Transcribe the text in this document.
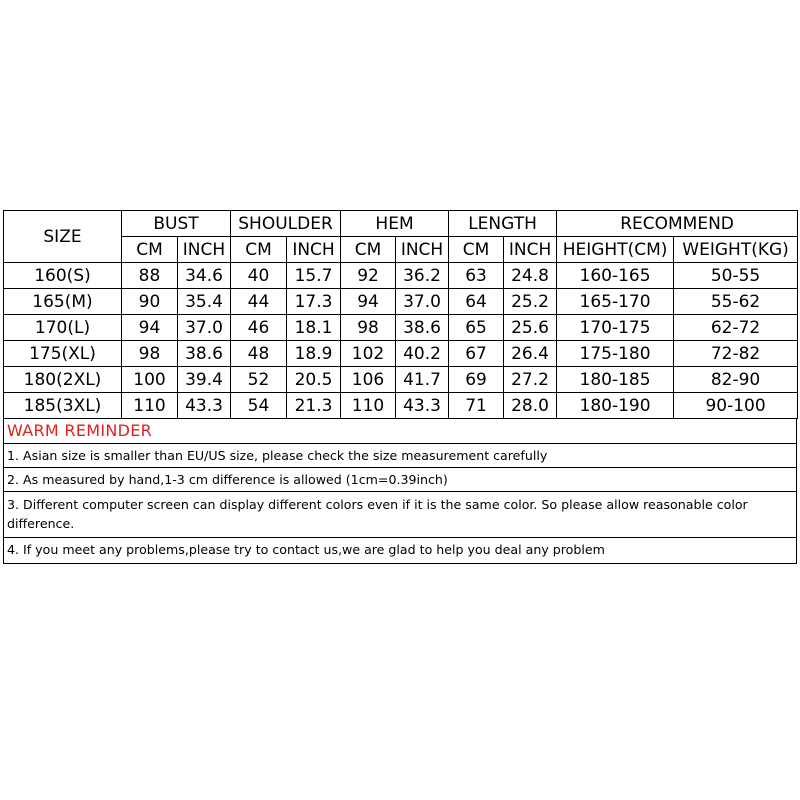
SIZE	BUST		SHOULDER		HEM		LENGTH		RECOMMEND	
	CM	INCH	CM	INCH	CM	INCH	CM	INCH	HEIGHT(CM)	WEIGHT(KG)
160(S)	88	34.6	40	15.7	92	36.2	63	24.8	160-165	50-55
165(M)	90	35.4	44	17.3	94	37.0	64	25.2	165-170	55-62
170(L)	94	37.0	46	18.1	98	38.6	65	25.6	170-175	62-72
175(XL)	98	38.6	48	18.9	102	40.2	67	26.4	175-180	72-82
180(2XL)	100	39.4	52	20.5	106	41.7	69	27.2	180-185	82-90
185(3XL)	110	43.3	54	21.3	110	43.3	71	28.0	180-190	90-100
WARM REMINDER
1. Asian size is smaller than EU/US size, please check the size measurement carefully
2. As measured by hand,1-3 cm difference is allowed (1cm=0.39inch)
3. Different computer screen can display different colors even if it is the same color. So please allow reasonable color difference.
4. If you meet any problems,please try to contact us,we are glad to help you deal any problem
